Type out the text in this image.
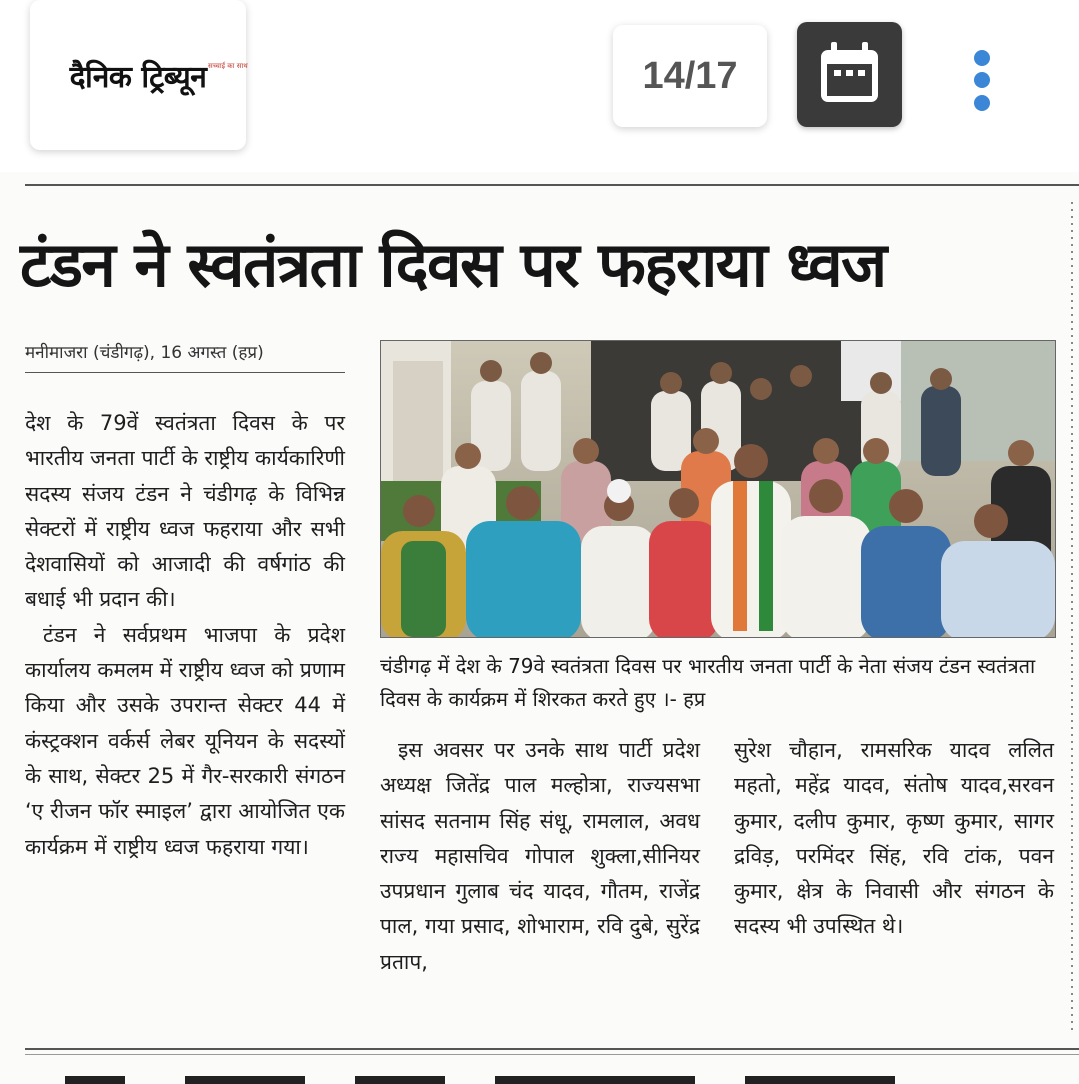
दैनिक ट्रिब्यून सच्चाई का साथ	14/17
टंडन ने स्वतंत्रता दिवस पर फहराया ध्वज
मनीमाजरा (चंडीगढ़), 16 अगस्त (हप्र)

देश के 79वें स्वतंत्रता दिवस के पर भारतीय जनता पार्टी के राष्ट्रीय कार्यकारिणी सदस्य संजय टंडन ने चंडीगढ़ के विभिन्न सेक्टरों में राष्ट्रीय ध्वज फहराया और सभी देशवासियों को आजादी की वर्षगांठ की बधाई भी प्रदान की।

टंडन ने सर्वप्रथम भाजपा के प्रदेश कार्यालय कमलम में राष्ट्रीय ध्वज को प्रणाम किया और उसके उपरान्त सेक्टर 44 में कंस्ट्रक्शन वर्कर्स लेबर यूनियन के सदस्यों के साथ, सेक्टर 25 में गैर-सरकारी संगठन ‘ए रीजन फॉर स्माइल’ द्वारा आयोजित एक कार्यक्रम में राष्ट्रीय ध्वज फहराया गया।

चंडीगढ़ में देश के 79वे स्वतंत्रता दिवस पर भारतीय जनता पार्टी के नेता संजय टंडन स्वतंत्रता दिवस के कार्यक्रम में शिरकत करते हुए ।- हप्र

इस अवसर पर उनके साथ पार्टी प्रदेश अध्यक्ष जितेंद्र पाल मल्होत्रा, राज्यसभा सांसद सतनाम सिंह संधू, रामलाल, अवध राज्य महासचिव गोपाल शुक्ला,सीनियर उपप्रधान गुलाब चंद यादव, गौतम, राजेंद्र पाल, गया प्रसाद, शोभाराम, रवि दुबे, सुरेंद्र प्रताप,

सुरेश चौहान, रामसरिक यादव ललित महतो, महेंद्र यादव, संतोष यादव,सरवन कुमार, दलीप कुमार, कृष्ण कुमार, सागर द्रविड़, परमिंदर सिंह, रवि टांक, पवन कुमार, क्षेत्र के निवासी और संगठन के सदस्य भी उपस्थित थे।
